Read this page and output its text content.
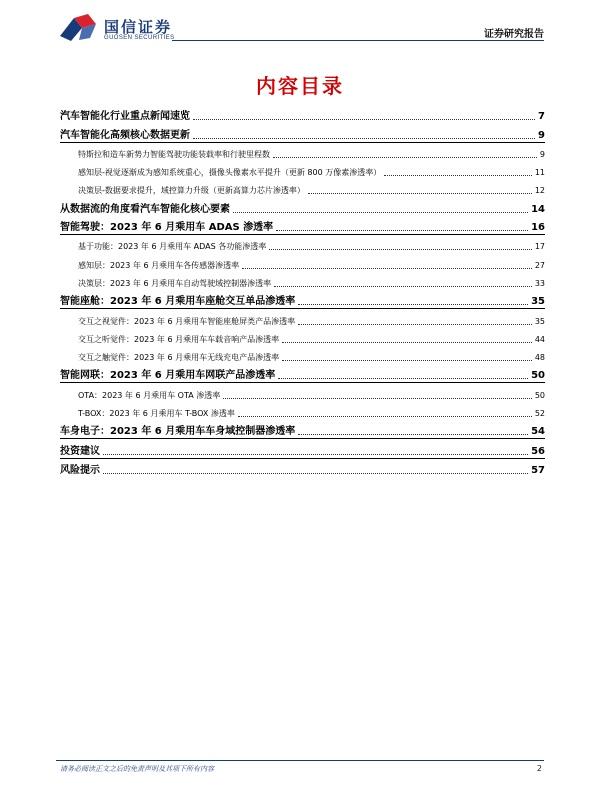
国信证券
GUOSEN SECURITIES	证券研究报告
内容目录
汽车智能化行业重点新闻速览	7
汽车智能化高频核心数据更新	9
特斯拉和造车新势力智能驾驶功能装载率和行驶里程数	9
感知层-视觉逐渐成为感知系统重心，摄像头像素水平提升（更新 800 万像素渗透率）	11
决策层-数据要求提升，域控算力升级（更新高算力芯片渗透率）	12
从数据流的角度看汽车智能化核心要素	14
智能驾驶：2023 年 6 月乘用车 ADAS 渗透率	16
基于功能：2023 年 6 月乘用车 ADAS 各功能渗透率	17
感知层：2023 年 6 月乘用车各传感器渗透率	27
决策层：2023 年 6 月乘用车自动驾驶域控制器渗透率	33
智能座舱：2023 年 6 月乘用车座舱交互单品渗透率	35
交互之视觉件：2023 年 6 月乘用车智能座舱屏类产品渗透率	35
交互之听觉件：2023 年 6 月乘用车车载音响产品渗透率	44
交互之触觉件：2023 年 6 月乘用车无线充电产品渗透率	48
智能网联：2023 年 6 月乘用车网联产品渗透率	50
OTA：2023 年 6 月乘用车 OTA 渗透率	50
T-BOX：2023 年 6 月乘用车 T-BOX 渗透率	52
车身电子：2023 年 6 月乘用车车身域控制器渗透率	54
投资建议	56
风险提示	57
请务必阅读正文之后的免责声明及其项下所有内容	2
